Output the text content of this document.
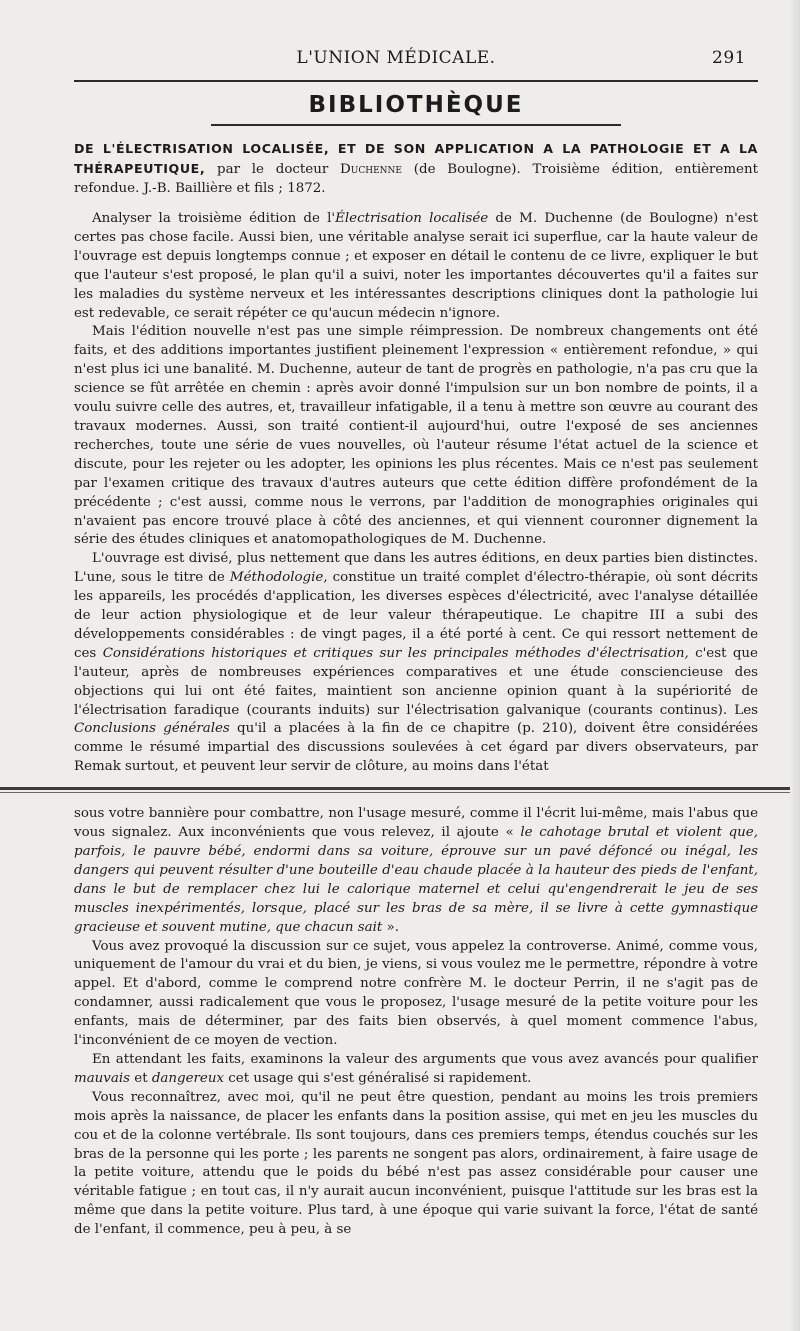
L'UNION MÉDICALE.	291
BIBLIOTHÈQUE
DE L'ÉLECTRISATION LOCALISÉE, ET DE SON APPLICATION A LA PATHOLOGIE ET A LA THÉRAPEUTIQUE, par le docteur Duchenne (de Boulogne). Troisième édition, entièrement refondue. J.-B. Baillière et fils ; 1872.

Analyser la troisième édition de l'Électrisation localisée de M. Duchenne (de Boulogne) n'est certes pas chose facile. Aussi bien, une véritable analyse serait ici superflue, car la haute valeur de l'ouvrage est depuis longtemps connue ; et exposer en détail le contenu de ce livre, expliquer le but que l'auteur s'est proposé, le plan qu'il a suivi, noter les importantes découvertes qu'il a faites sur les maladies du système nerveux et les intéressantes descriptions cliniques dont la pathologie lui est redevable, ce serait répéter ce qu'aucun médecin n'ignore.

Mais l'édition nouvelle n'est pas une simple réimpression. De nombreux changements ont été faits, et des additions importantes justifient pleinement l'expression « entièrement refondue, » qui n'est plus ici une banalité. M. Duchenne, auteur de tant de progrès en pathologie, n'a pas cru que la science se fût arrêtée en chemin : après avoir donné l'impulsion sur un bon nombre de points, il a voulu suivre celle des autres, et, travailleur infatigable, il a tenu à mettre son œuvre au courant des travaux modernes. Aussi, son traité contient-il aujourd'hui, outre l'exposé de ses anciennes recherches, toute une série de vues nouvelles, où l'auteur résume l'état actuel de la science et discute, pour les rejeter ou les adopter, les opinions les plus récentes. Mais ce n'est pas seulement par l'examen critique des travaux d'autres auteurs que cette édition diffère profondément de la précédente ; c'est aussi, comme nous le verrons, par l'addition de monographies originales qui n'avaient pas encore trouvé place à côté des anciennes, et qui viennent couronner dignement la série des études cliniques et anatomopathologiques de M. Duchenne.

L'ouvrage est divisé, plus nettement que dans les autres éditions, en deux parties bien distinctes. L'une, sous le titre de Méthodologie, constitue un traité complet d'électro-thérapie, où sont décrits les appareils, les procédés d'application, les diverses espèces d'électricité, avec l'analyse détaillée de leur action physiologique et de leur valeur thérapeutique. Le chapitre III a subi des développements considérables : de vingt pages, il a été porté à cent. Ce qui ressort nettement de ces Considérations historiques et critiques sur les principales méthodes d'électrisation, c'est que l'auteur, après de nombreuses expériences comparatives et une étude consciencieuse des objections qui lui ont été faites, maintient son ancienne opinion quant à la supériorité de l'électrisation faradique (courants induits) sur l'électrisation galvanique (courants continus). Les Conclusions générales qu'il a placées à la fin de ce chapitre (p. 210), doivent être considérées comme le résumé impartial des discussions soulevées à cet égard par divers observateurs, par Remak surtout, et peuvent leur servir de clôture, au moins dans l'état

sous votre bannière pour combattre, non l'usage mesuré, comme il l'écrit lui-même, mais l'abus que vous signalez. Aux inconvénients que vous relevez, il ajoute « le cahotage brutal et violent que, parfois, le pauvre bébé, endormi dans sa voiture, éprouve sur un pavé défoncé ou inégal, les dangers qui peuvent résulter d'une bouteille d'eau chaude placée à la hauteur des pieds de l'enfant, dans le but de remplacer chez lui le calorique maternel et celui qu'engendrerait le jeu de ses muscles inexpérimentés, lorsque, placé sur les bras de sa mère, il se livre à cette gymnastique gracieuse et souvent mutine, que chacun sait ».

Vous avez provoqué la discussion sur ce sujet, vous appelez la controverse. Animé, comme vous, uniquement de l'amour du vrai et du bien, je viens, si vous voulez me le permettre, répondre à votre appel. Et d'abord, comme le comprend notre confrère M. le docteur Perrin, il ne s'agit pas de condamner, aussi radicalement que vous le proposez, l'usage mesuré de la petite voiture pour les enfants, mais de déterminer, par des faits bien observés, à quel moment commence l'abus, l'inconvénient de ce moyen de vection.

En attendant les faits, examinons la valeur des arguments que vous avez avancés pour qualifier mauvais et dangereux cet usage qui s'est généralisé si rapidement.

Vous reconnaîtrez, avec moi, qu'il ne peut être question, pendant au moins les trois premiers mois après la naissance, de placer les enfants dans la position assise, qui met en jeu les muscles du cou et de la colonne vertébrale. Ils sont toujours, dans ces premiers temps, étendus couchés sur les bras de la personne qui les porte ; les parents ne songent pas alors, ordinairement, à faire usage de la petite voiture, attendu que le poids du bébé n'est pas assez considérable pour causer une véritable fatigue ; en tout cas, il n'y aurait aucun inconvénient, puisque l'attitude sur les bras est la même que dans la petite voiture. Plus tard, à une époque qui varie suivant la force, l'état de santé de l'enfant, il commence, peu à peu, à se
